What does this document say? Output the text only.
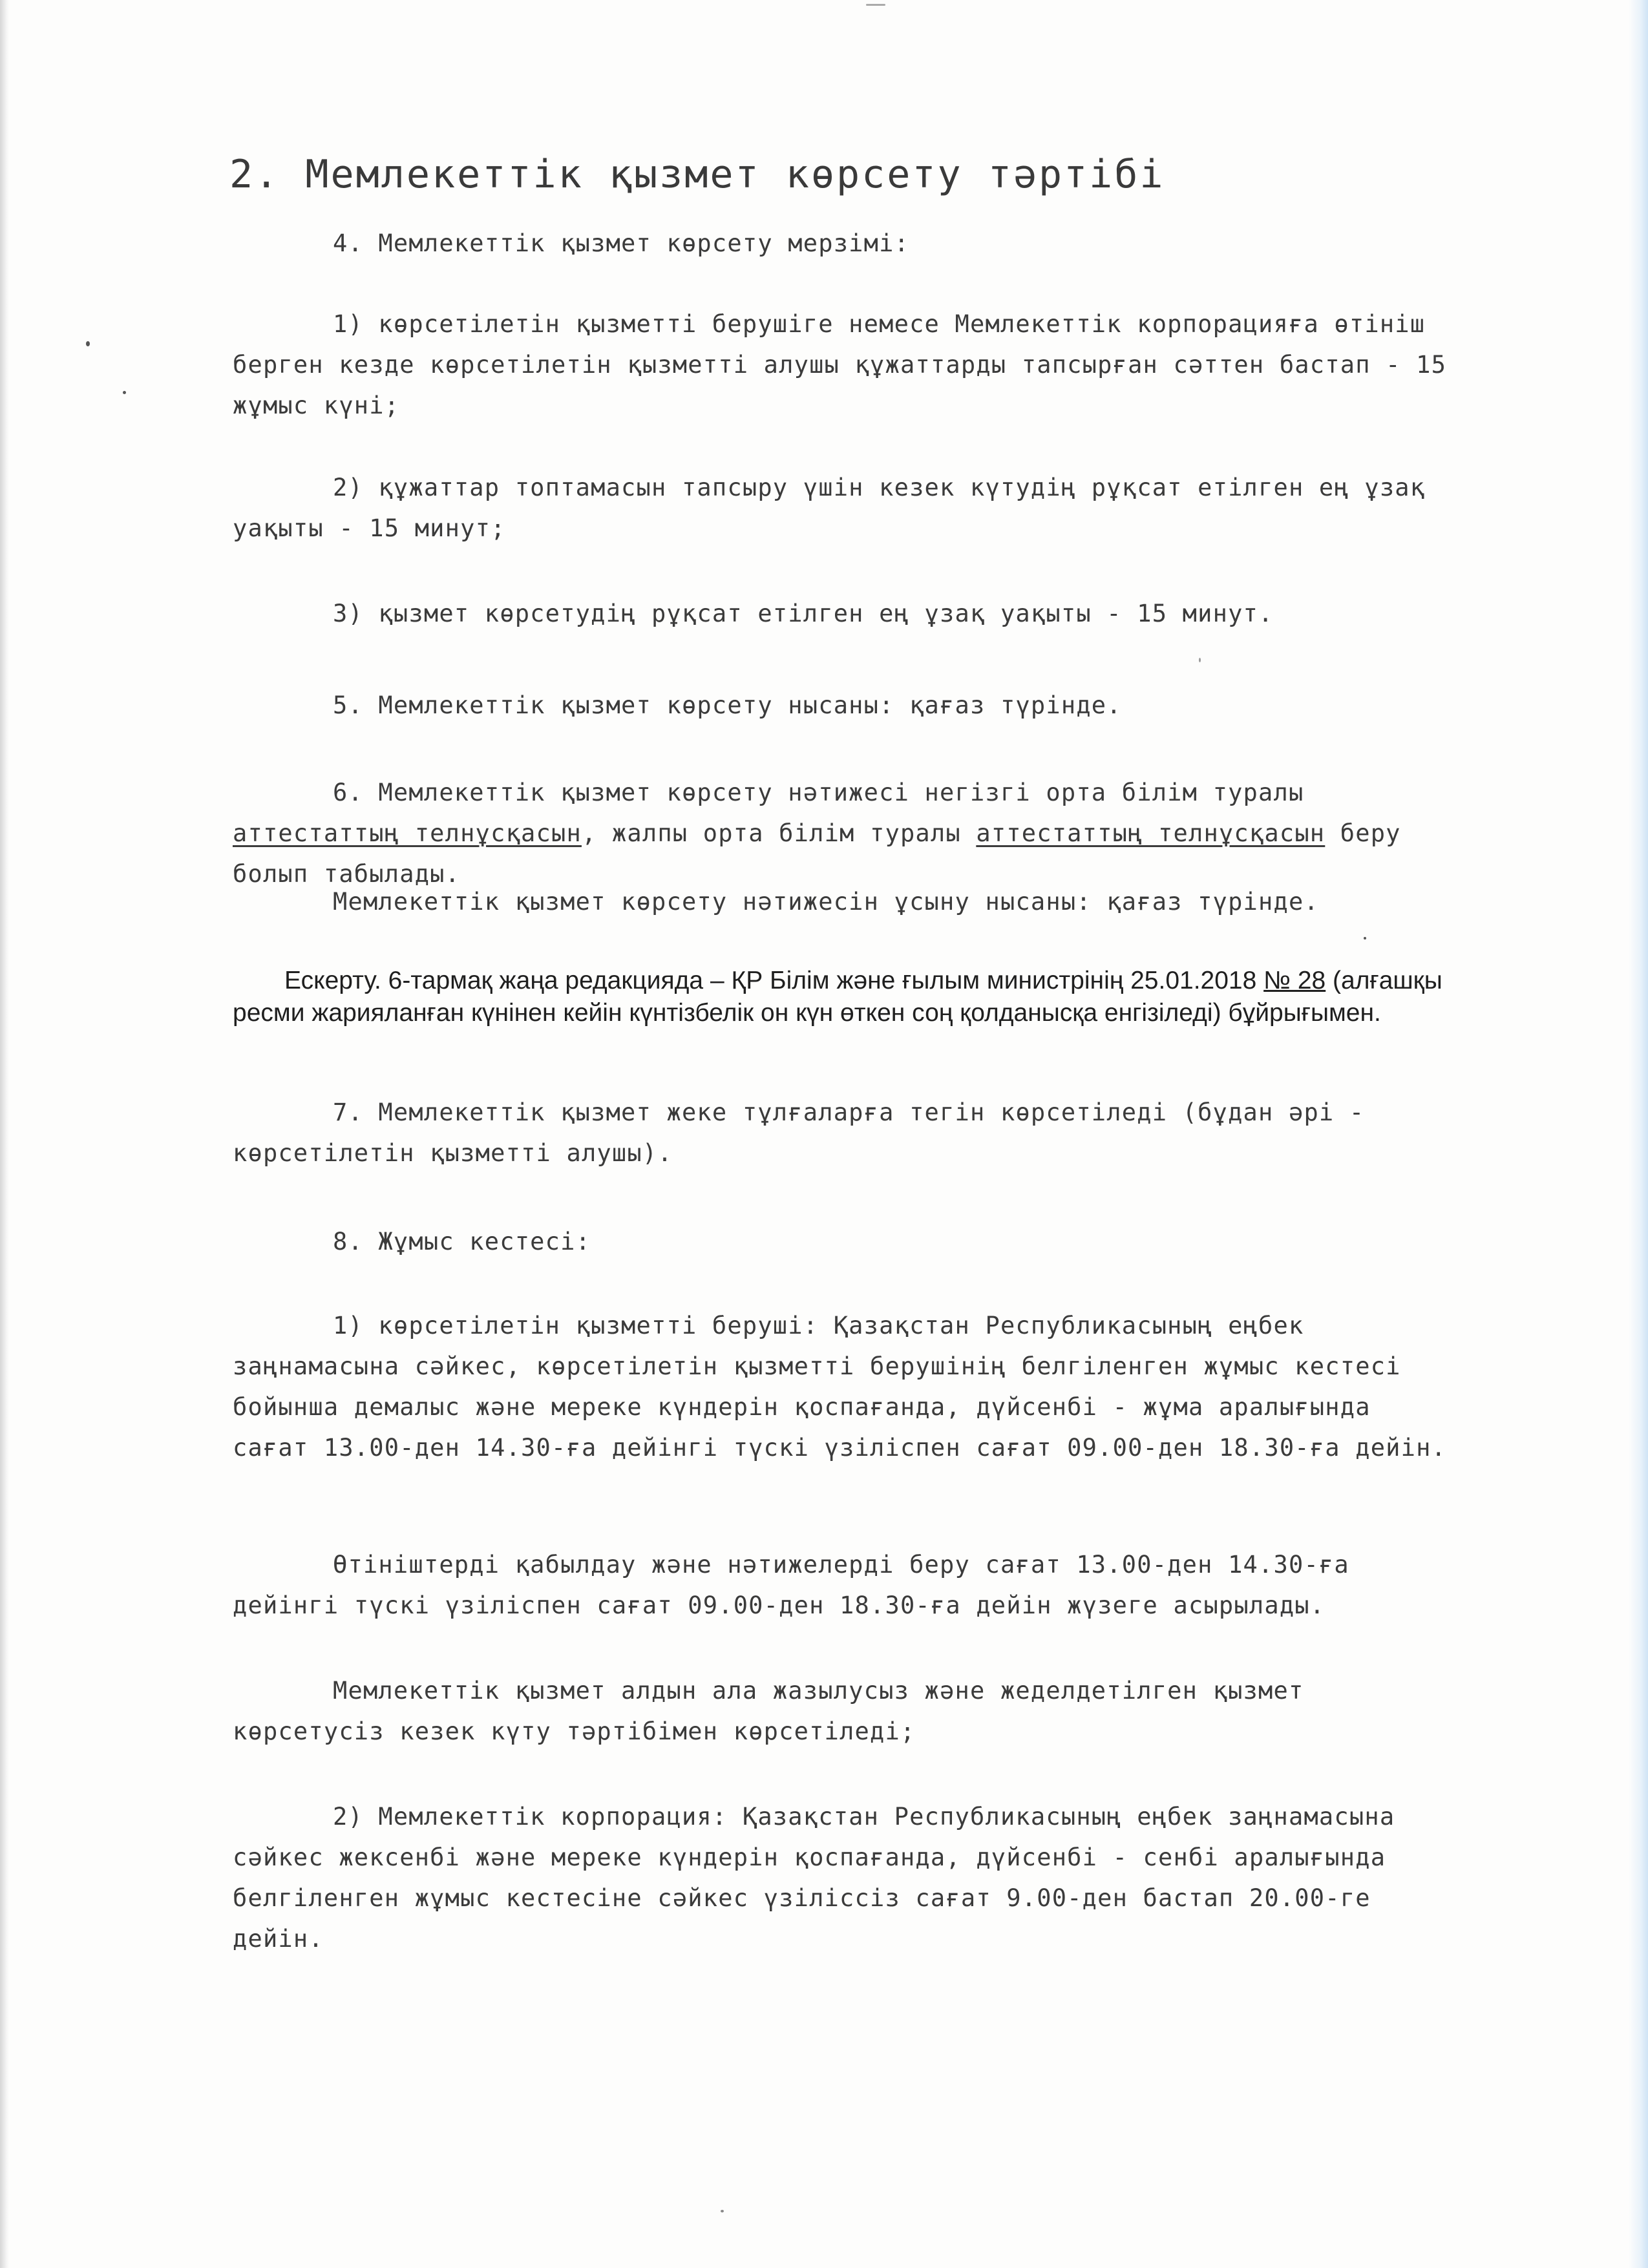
2. Мемлекеттік қызмет көрсету тәртібі

4. Мемлекеттік қызмет көрсету мерзімі:

1) көрсетілетін қызметті берушіге немесе Мемлекеттік корпорацияға өтініш берген кезде көрсетілетін қызметті алушы құжаттарды тапсырған сәттен бастап - 15 жұмыс күні;

2) құжаттар топтамасын тапсыру үшін кезек күтудің рұқсат етілген ең ұзақ уақыты - 15 минут;

3) қызмет көрсетудің рұқсат етілген ең ұзақ уақыты - 15 минут.

5. Мемлекеттік қызмет көрсету нысаны: қағаз түрінде.

6. Мемлекеттік қызмет көрсету нәтижесі негізгі орта білім туралы аттестаттың телнұсқасын, жалпы орта білім туралы аттестаттың телнұсқасын беру болып табылады.

Мемлекеттік қызмет көрсету нәтижесін ұсыну нысаны: қағаз түрінде.

Ескерту. 6-тармақ жаңа редакцияда – ҚР Білім және ғылым министрінің 25.01.2018 № 28 (алғашқы ресми жарияланған күнінен кейін күнтізбелік он күн өткен соң қолданысқа енгізіледі) бұйрығымен.

7. Мемлекеттік қызмет жеке тұлғаларға тегін көрсетіледі (бұдан әрі - көрсетілетін қызметті алушы).

8. Жұмыс кестесі:

1) көрсетілетін қызметті беруші: Қазақстан Республикасының еңбек заңнамасына сәйкес, көрсетілетін қызметті берушінің белгіленген жұмыс кестесі бойынша демалыс және мереке күндерін қоспағанда, дүйсенбі - жұма аралығында сағат 13.00-ден 14.30-ға дейінгі түскі үзіліспен сағат 09.00-ден 18.30-ға дейін.

Өтініштерді қабылдау және нәтижелерді беру сағат 13.00-ден 14.30-ға дейінгі түскі үзіліспен сағат 09.00-ден 18.30-ға дейін жүзеге асырылады.

Мемлекеттік қызмет алдын ала жазылусыз және жеделдетілген қызмет көрсетусіз кезек күту тәртібімен көрсетіледі;

2) Мемлекеттік корпорация: Қазақстан Республикасының еңбек заңнамасына сәйкес жексенбі және мереке күндерін қоспағанда, дүйсенбі - сенбі аралығында белгіленген жұмыс кестесіне сәйкес үзіліссіз сағат 9.00-ден бастап 20.00-ге дейін.
